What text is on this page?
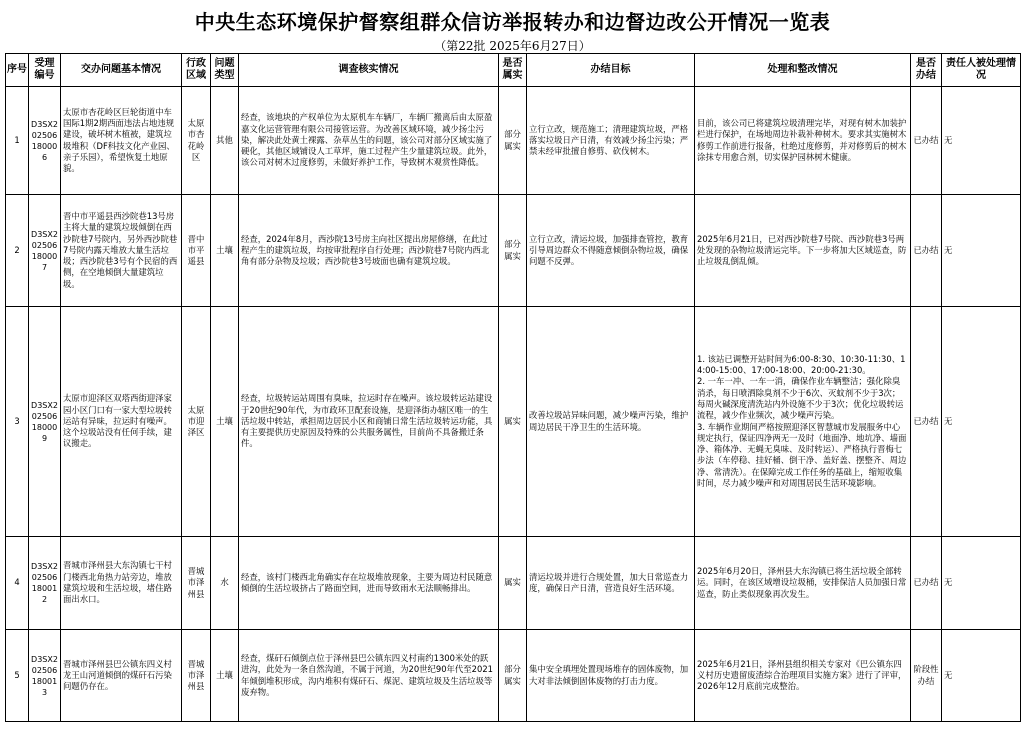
中央生态环境保护督察组群众信访举报转办和边督边改公开情况一览表
（第22批 2025年6月27日）
序号	受理编号	交办问题基本情况	行政区域	问题类型	调查核实情况	是否属实	办结目标	处理和整改情况	是否办结	责任人被处理情况
1	D3SX202506180006	太原市杏花岭区巨轮街道中车国际1期2期西面违法占地违规建设，破坏树木植被，建筑垃圾堆积（DF科技文化产业园、亲子乐园），希望恢复土地原貌。	太原市杏花岭区	其他	经查，该地块的产权单位为太原机车车辆厂，车辆厂搬离后由太原盈嘉文化运营管理有限公司接管运营。为改善区域环境，减少扬尘污染，解决此处黄土裸露、杂草丛生的问题，该公司对部分区域实施了硬化，其他区域铺设人工草坪，施工过程产生少量建筑垃圾。此外，该公司对树木过度修剪，未做好养护工作，导致树木观赏性降低。	部分属实	立行立改，规范施工；清理建筑垃圾，严格落实垃圾日产日清，有效减少扬尘污染；严禁未经审批擅自修剪、砍伐树木。	目前，该公司已将建筑垃圾清理完毕，对现有树木加装护栏进行保护，在场地周边补栽补种树木。要求其实施树木修剪工作前进行报备，杜绝过度修剪，并对修剪后的树木涂抹专用愈合剂，切实保护园林树木健康。	已办结	无
2	D3SX202506180007	晋中市平遥县西沙院巷13号房主将大量的建筑垃圾倾倒在西沙院巷7号院内，另外西沙院巷7号院内露天堆放大量生活垃圾；西沙院巷3号有个民宿的西侧，在空地倾倒大量建筑垃圾。	晋中市平遥县	土壤	经查，2024年8月，西沙院13号房主向社区提出房屋修缮，在此过程产生的建筑垃圾，均按审批程序自行处理；西沙院巷7号院内西北角有部分杂物及垃圾；西沙院巷3号坡面也确有建筑垃圾。	部分属实	立行立改，清运垃圾，加强排查管控，教育引导周边群众不得随意倾倒杂物垃圾，确保问题不反弹。	2025年6月21日，已对西沙院巷7号院、西沙院巷3号两处发现的杂物垃圾清运完毕。下一步将加大区域巡查，防止垃圾乱倒乱倾。	已办结	无
3	D3SX202506180009	太原市迎泽区双塔西街迎泽家园小区门口有一家大型垃圾转运站有异味，拉运时有噪声。这个垃圾站没有任何手续，建议搬走。	太原市迎泽区	土壤	经查，垃圾转运站周围有臭味，拉运时存在噪声。该垃圾转运站建设于20世纪90年代，为市政环卫配套设施，是迎泽街办辖区唯一的生活垃圾中转站，承担周边居民小区和商铺日常生活垃圾转运功能，具有主要提供历史原因及特殊的公共服务属性，目前尚不具备搬迁条件。	属实	改善垃圾站异味问题，减少噪声污染，维护周边居民干净卫生的生活环境。	1. 该站已调整开站时间为6:00-8:30、10:30-11:30、14:00-15:00、17:00-18:00、20:00-21:30。
2. 一车一冲、一车一消，确保作业车辆整洁；强化除臭消杀，每日喷洒除臭剂不少于6次、灭蚊剂不少于3次；每周火碱深度清洗站内外设施不少于3次；优化垃圾转运流程，减少作业频次，减少噪声污染。
3. 车辆作业期间严格按照迎泽区智慧城市发展服务中心规定执行，保证四净两无一及时（地面净、地坑净、墙面净、箱体净、无蝇无臭味、及时转运）、严格执行晋梅七步法（车停稳、挂好桶、倒干净、盖好盖、摆整齐、周边净、常清洗）。在保障完成工作任务的基础上，缩短收集时间，尽力减少噪声和对周围居民生活环境影响。	已办结	无
4	D3SX202506180012	晋城市泽州县大东沟镇七干村门楼西北角热力站旁边，堆放建筑垃圾和生活垃圾，堵住路面出水口。	晋城市泽州县	水	经查，该村门楼西北角确实存在垃圾堆放现象，主要为周边村民随意倾倒的生活垃圾挤占了路面空间，进而导致雨水无法顺畅排出。	属实	清运垃圾并进行合规处置，加大日常巡查力度，确保日产日清，营造良好生活环境。	2025年6月20日，泽州县大东沟镇已将生活垃圾全部转运。同时，在该区域增设垃圾桶，安排保洁人员加强日常巡查，防止类似现象再次发生。	已办结	无
5	D3SX202506180013	晋城市泽州县巴公镇东四义村龙王山河道倾倒的煤矸石污染问题仍存在。	晋城市泽州县	土壤	经查，煤矸石倾倒点位于泽州县巴公镇东四义村南约1300米处的跃进沟，此处为一条自然沟道，不属于河道，为20世纪90年代至2021年倾倒堆积形成，沟内堆积有煤矸石、煤泥、建筑垃圾及生活垃圾等废弃物。	部分属实	集中安全填埋处置现场堆存的固体废物，加大对非法倾倒固体废物的打击力度。	2025年6月21日，泽州县组织相关专家对《巴公镇东四义村历史遗留废渣综合治理项目实施方案》进行了评审，2026年12月底前完成整治。	阶段性办结	无
